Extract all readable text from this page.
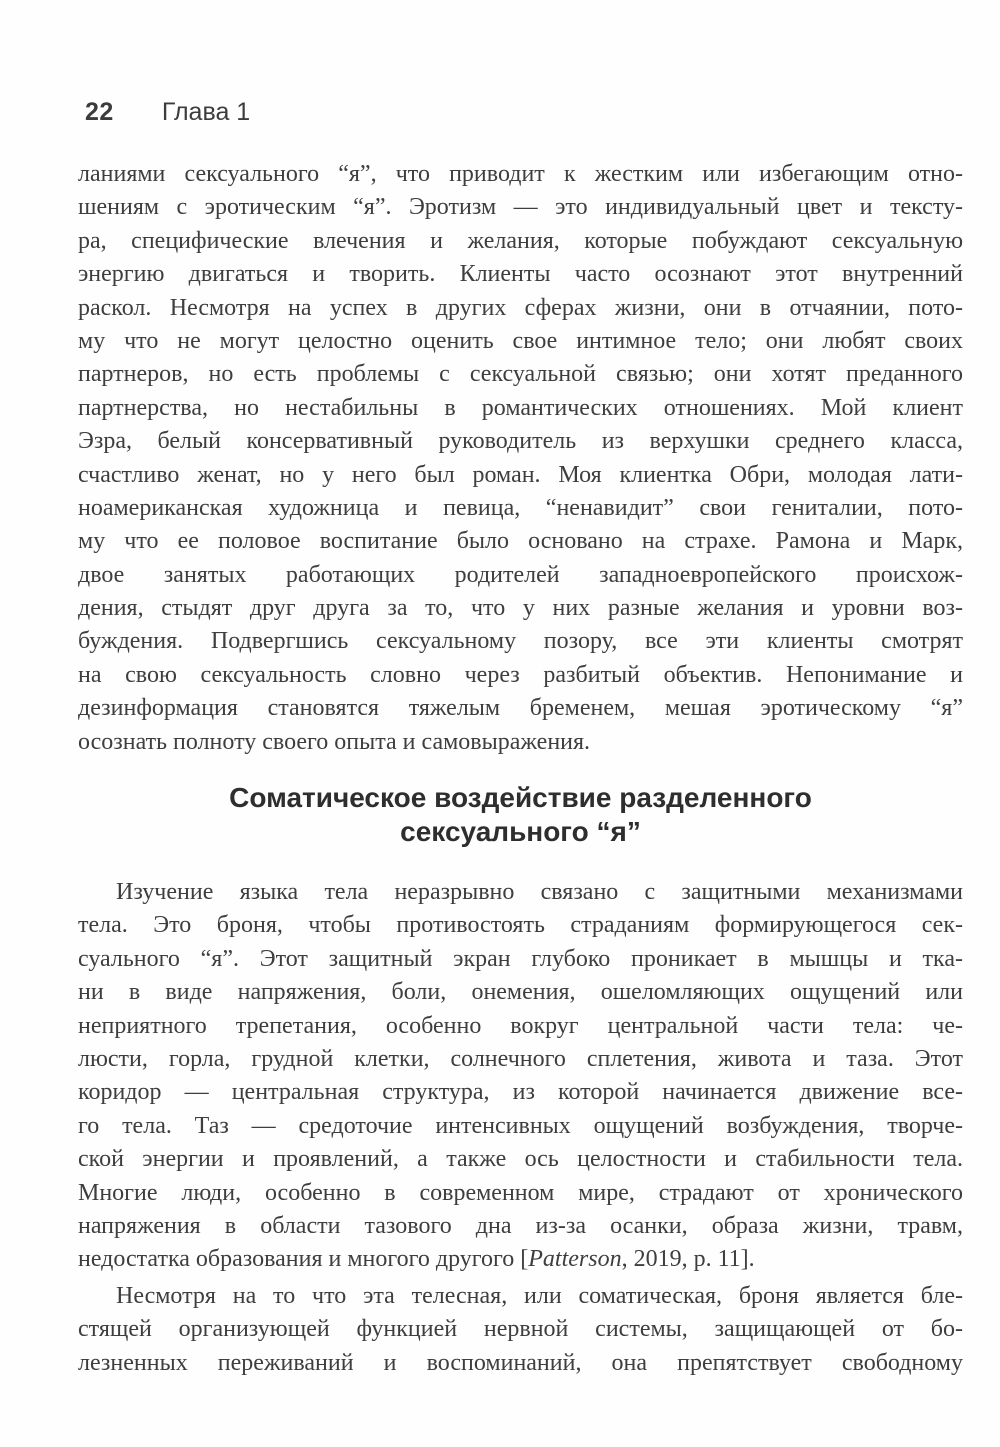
22 Глава 1
ланиями сексуального “я”, что приводит к жестким или избегающим отно-
шениям с эротическим “я”. Эротизм — это индивидуальный цвет и тексту-
ра, специфические влечения и желания, которые побуждают сексуальную
энергию двигаться и творить. Клиенты часто осознают этот внутренний
раскол. Несмотря на успех в других сферах жизни, они в отчаянии, пото-
му что не могут целостно оценить свое интимное тело; они любят своих
партнеров, но есть проблемы с сексуальной связью; они хотят преданного
партнерства, но нестабильны в романтических отношениях. Мой клиент
Эзра, белый консервативный руководитель из верхушки среднего класса,
счастливо женат, но у него был роман. Моя клиентка Обри, молодая лати-
ноамериканская художница и певица, “ненавидит” свои гениталии, пото-
му что ее половое воспитание было основано на страхе. Рамона и Марк,
двое занятых работающих родителей западноевропейского происхож-
дения, стыдят друг друга за то, что у них разные желания и уровни воз-
буждения. Подвергшись сексуальному позору, все эти клиенты смотрят
на свою сексуальность словно через разбитый объектив. Непонимание и
дезинформация становятся тяжелым бременем, мешая эротическому “я”
осознать полноту своего опыта и самовыражения.
Соматическое воздействие разделенного
сексуального “я”
Изучение языка тела неразрывно связано с защитными механизмами
тела. Это броня, чтобы противостоять страданиям формирующегося сек-
суального “я”. Этот защитный экран глубоко проникает в мышцы и тка-
ни в виде напряжения, боли, онемения, ошеломляющих ощущений или
неприятного трепетания, особенно вокруг центральной части тела: че-
люсти, горла, грудной клетки, солнечного сплетения, живота и таза. Этот
коридор — центральная структура, из которой начинается движение все-
го тела. Таз — средоточие интенсивных ощущений возбуждения, творче-
ской энергии и проявлений, а также ось целостности и стабильности тела.
Многие люди, особенно в современном мире, страдают от хронического
напряжения в области тазового дна из-за осанки, образа жизни, травм,
недостатка образования и многого другого [Patterson, 2019, p. 11].
Несмотря на то что эта телесная, или соматическая, броня является бле-
стящей организующей функцией нервной системы, защищающей от бо-
лезненных переживаний и воспоминаний, она препятствует свободному
